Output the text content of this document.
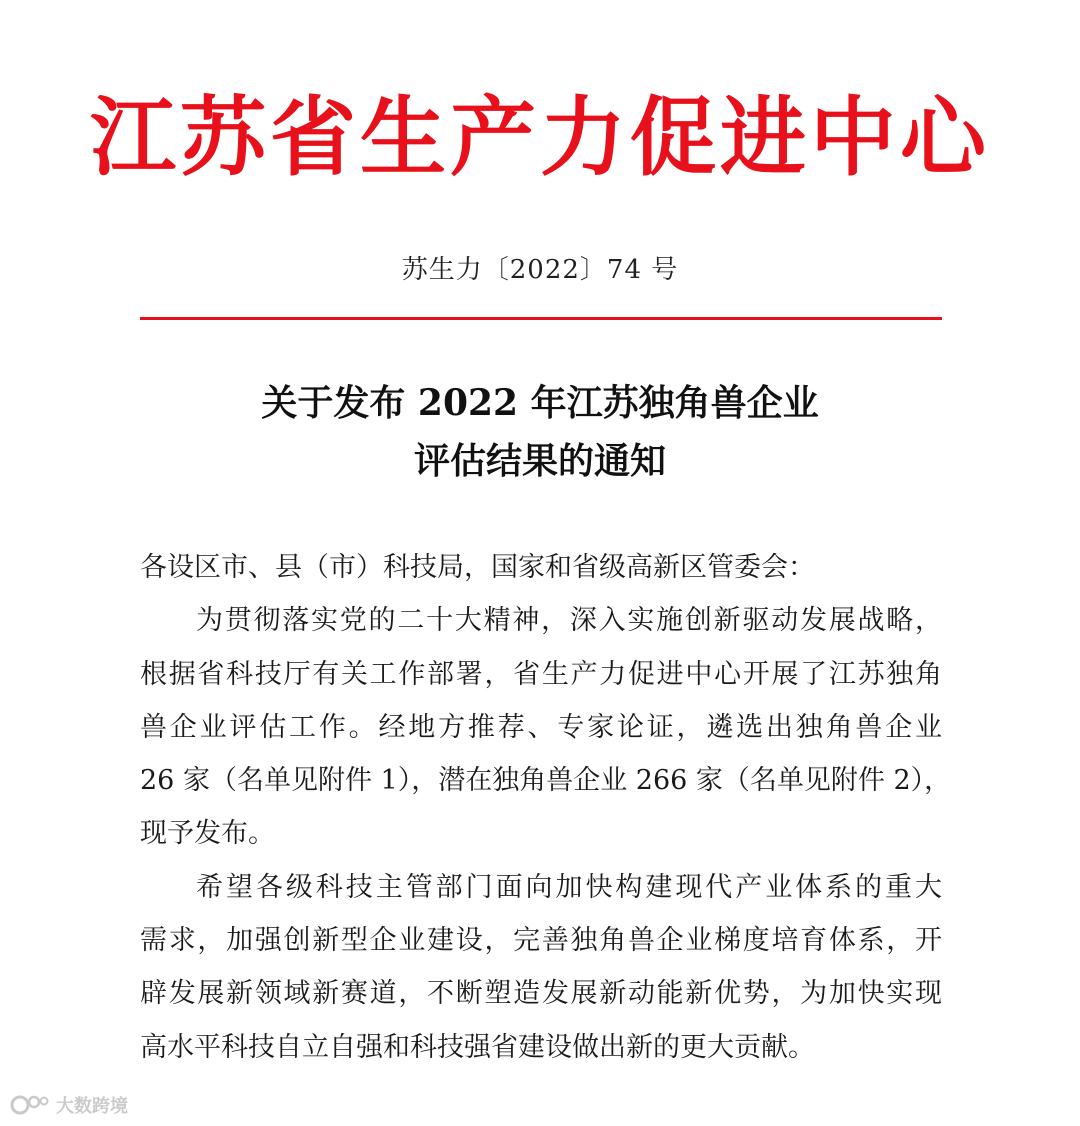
江苏省生产力促进中心
苏生力〔2022〕74 号
关于发布 2022 年江苏独角兽企业
评估结果的通知
各设区市、县（市）科技局，国家和省级高新区管委会：
为贯彻落实党的二十大精神，深入实施创新驱动发展战略，
根据省科技厅有关工作部署，省生产力促进中心开展了江苏独角
兽企业评估工作。经地方推荐、专家论证，遴选出独角兽企业
26 家（名单见附件 1），潜在独角兽企业 266 家（名单见附件 2），
现予发布。
希望各级科技主管部门面向加快构建现代产业体系的重大
需求，加强创新型企业建设，完善独角兽企业梯度培育体系，开
辟发展新领域新赛道，不断塑造发展新动能新优势，为加快实现
高水平科技自立自强和科技强省建设做出新的更大贡献。
大数跨境
